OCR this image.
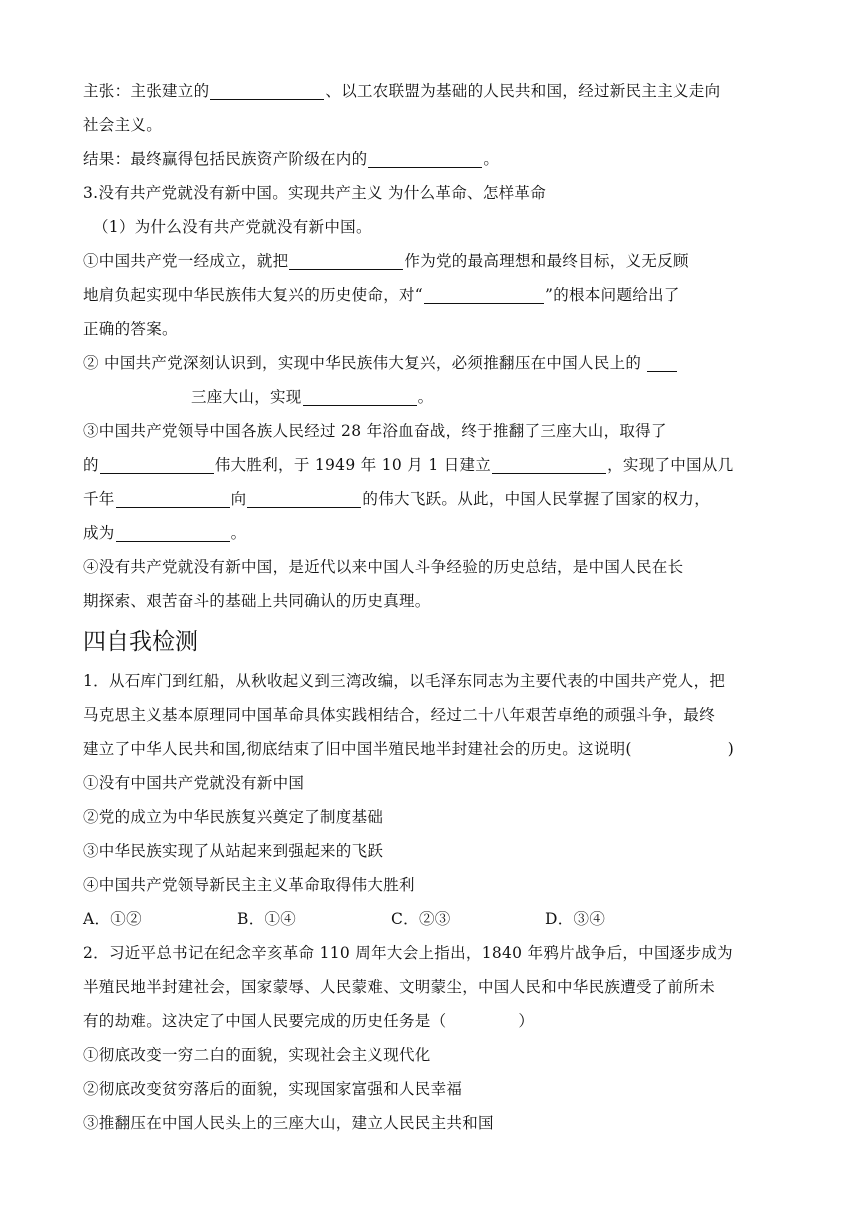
主张：主张建立的	、以工农联盟为基础的人民共和国，经过新民主主义走向
社会主义。
结果：最终赢得包括民族资产阶级在内的	。
3.没有共产党就没有新中国。实现共产主义 为什么革命、怎样革命
（1）为什么没有共产党就没有新中国。
①中国共产党一经成立，就把	作为党的最高理想和最终目标，义无反顾
地肩负起实现中华民族伟大复兴的历史使命，对“	”的根本问题给出了
正确的答案。
② 中国共产党深刻认识到，实现中华民族伟大复兴，必须推翻压在中国人民上的
三座大山，实现	。
③中国共产党领导中国各族人民经过 28 年浴血奋战，终于推翻了三座大山，取得了
的	伟大胜利，于 1949 年 10 月 1 日建立	，实现了中国从几
千年	向	的伟大飞跃。从此，中国人民掌握了国家的权力，
成为	。
④没有共产党就没有新中国，是近代以来中国人斗争经验的历史总结，是中国人民在长
期探索、艰苦奋斗的基础上共同确认的历史真理。
四自我检测
1．从石库门到红船，从秋收起义到三湾改编，以毛泽东同志为主要代表的中国共产党人，把
马克思主义基本原理同中国革命具体实践相结合，经过二十八年艰苦卓绝的顽强斗争，最终
建立了中华人民共和国,彻底结束了旧中国半殖民地半封建社会的历史。这说明(	)
①没有中国共产党就没有新中国
②党的成立为中华民族复兴奠定了制度基础
③中华民族实现了从站起来到强起来的飞跃
④中国共产党领导新民主主义革命取得伟大胜利
A．①②	B．①④	C．②③	D．③④
2．习近平总书记在纪念辛亥革命 110 周年大会上指出，1840 年鸦片战争后，中国逐步成为
半殖民地半封建社会，国家蒙辱、人民蒙难、文明蒙尘，中国人民和中华民族遭受了前所未
有的劫难。这决定了中国人民要完成的历史任务是（	）
①彻底改变一穷二白的面貌，实现社会主义现代化
②彻底改变贫穷落后的面貌，实现国家富强和人民幸福
③推翻压在中国人民头上的三座大山，建立人民民主共和国
